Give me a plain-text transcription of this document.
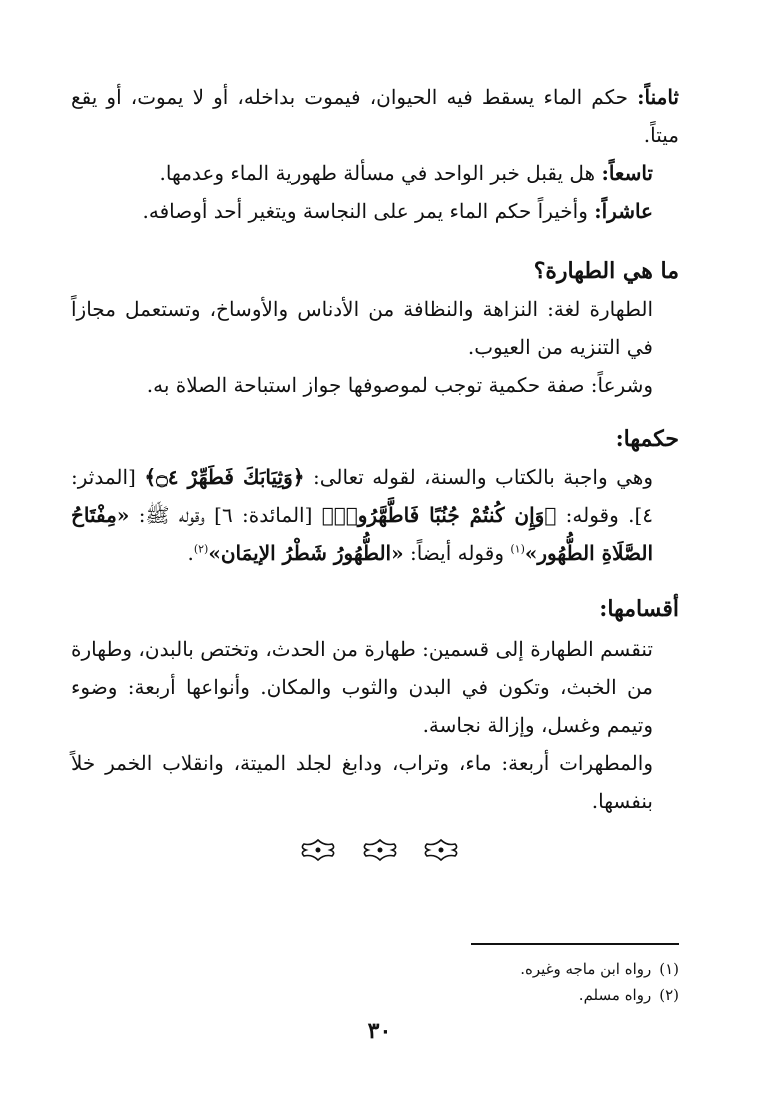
ثامناً: حكم الماء يسقط فيه الحيوان، فيموت بداخله، أو لا يموت، أو يقع ميتاً.

تاسعاً: هل يقبل خبر الواحد في مسألة طهورية الماء وعدمها.

عاشراً: وأخيراً حكم الماء يمر على النجاسة ويتغير أحد أوصافه.

ما هي الطهارة؟

الطهارة لغة: النزاهة والنظافة من الأدناس والأوساخ، وتستعمل مجازاً في التنزيه من العيوب.

وشرعاً: صفة حكمية توجب لموصوفها جواز استباحة الصلاة به.

حكمها:

وهي واجبة بالكتاب والسنة، لقوله تعالى: ﴿وَثِيَابَكَ فَطَهِّرْ ۝٤﴾ [المدثر: ٤]. وقوله: ﴿وَإِن كُنتُمْ جُنُبًا فَاطَّهَّرُوا۟﴾ [المائدة: ٦] وقوله ﷺ: «مِفْتَاحُ الصَّلَاةِ الطُّهُور»$^{(١)}$ وقوله أيضاً: «الطُّهُورُ شَطْرُ الإيمَان»$^{(٢)}$.

أقسامها:

تنقسم الطهارة إلى قسمين: طهارة من الحدث، وتختص بالبدن، وطهارة من الخبث، وتكون في البدن والثوب والمكان. وأنواعها أربعة: وضوء وتيمم وغسل، وإزالة نجاسة.

والمطهرات أربعة: ماء، وتراب، ودابغ لجلد الميتة، وانقلاب الخمر خلاً بنفسها.

(١)رواه ابن ماجه وغيره.

(٢)رواه مسلم.

٣٠
